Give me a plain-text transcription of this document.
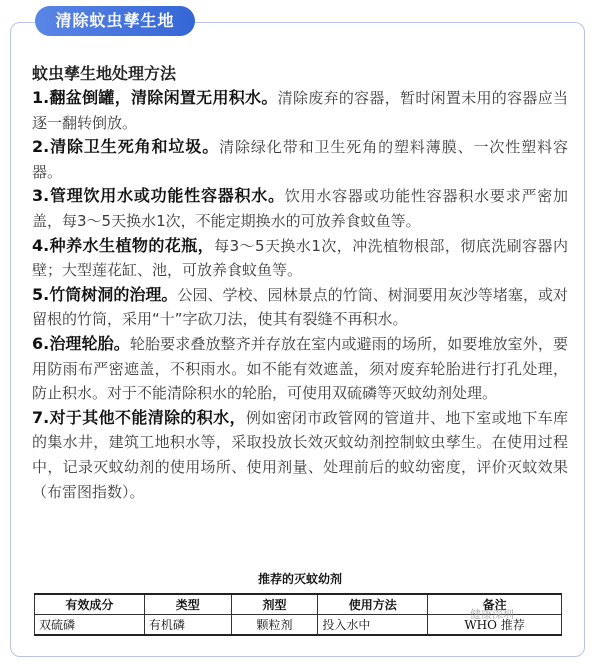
清除蚊虫孳生地

蚊虫孳生地处理方法

1.翻盆倒罐，清除闲置无用积水。清除废弃的容器，暂时闲置未用的容器应当逐一翻转倒放。

2.清除卫生死角和垃圾。清除绿化带和卫生死角的塑料薄膜、一次性塑料容器。

3.管理饮用水或功能性容器积水。饮用水容器或功能性容器积水要求严密加盖，每3～5天换水1次，不能定期换水的可放养食蚊鱼等。

4.种养水生植物的花瓶，每3～5天换水1次，冲洗植物根部，彻底洗刷容器内壁；大型莲花缸、池，可放养食蚊鱼等。

5.竹筒树洞的治理。公园、学校、园林景点的竹筒、树洞要用灰沙等堵塞，或对留根的竹筒，采用“十”字砍刀法，使其有裂缝不再积水。

6.治理轮胎。轮胎要求叠放整齐并存放在室内或避雨的场所，如要堆放室外，要用防雨布严密遮盖，不积雨水。如不能有效遮盖，须对废弃轮胎进行打孔处理，防止积水。对于不能清除积水的轮胎，可使用双硫磷等灭蚊幼剂处理。

7.对于其他不能清除的积水，例如密闭市政管网的管道井、地下室或地下车库的集水井，建筑工地积水等，采取投放长效灭蚊幼剂控制蚊虫孳生。在使用过程中，记录灭蚊幼剂的使用场所、使用剂量、处理前后的蚊幼密度，评价灭蚊效果（布雷图指数）。

推荐的灭蚊幼剂
有效成分	类型	剂型	使用方法	备注
双硫磷	有机磷	颗粒剂	投入水中	WHO 推荐
健康深圳
